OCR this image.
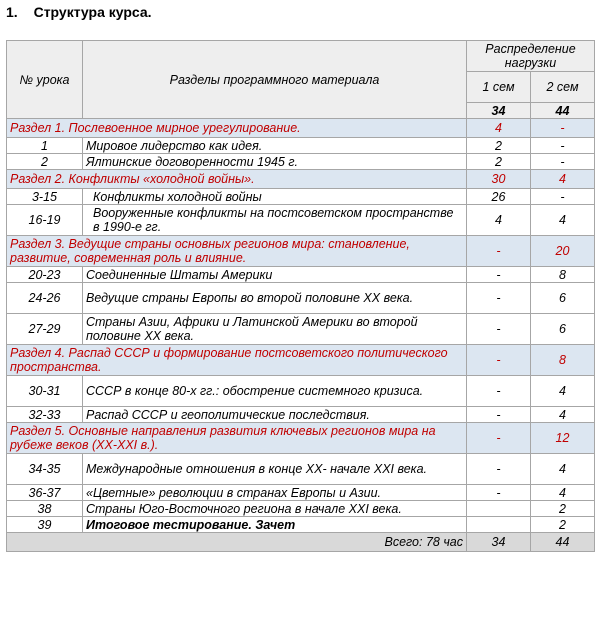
1. Структура курса.
№ урока	Разделы программного материала	Распределение нагрузки	
		1 сем	2 сем
		34	44
Раздел 1. Послевоенное мирное урегулирование.		4	-
1	Мировое лидерство как идея.	2	-
2	Ялтинские договоренности 1945 г.	2	-
Раздел 2. Конфликты «холодной войны».		30	4
3-15	Конфликты холодной войны	26	-
16-19	Вооруженные конфликты на постсоветском пространстве в 1990-е гг.	4	4
Раздел 3. Ведущие страны основных регионов мира: становление, развитие, современная роль и влияние.		-	20
20-23	Соединенные Штаты Америки	-	8
24-26	Ведущие страны Европы во второй половине XX века.	-	6
27-29	Страны Азии, Африки и Латинской Америки во второй половине XX века.	-	6
Раздел 4. Распад СССР и формирование постсоветского политического пространства.		-	8
30-31	СССР в конце 80-х гг.: обострение системного кризиса.	-	4
32-33	Распад СССР и геополитические последствия.	-	4
Раздел 5. Основные направления развития ключевых регионов мира на рубеже веков (XX-XXI в.).		-	12
34-35	Международные отношения в конце XX- начале XXI века.	-	4
36-37	«Цветные» революции в странах Европы и Азии.	-	4
38	Страны Юго-Восточного региона в начале XXI века.		2
39	Итоговое тестирование. Зачет		2
Всего: 78 час		34	44
